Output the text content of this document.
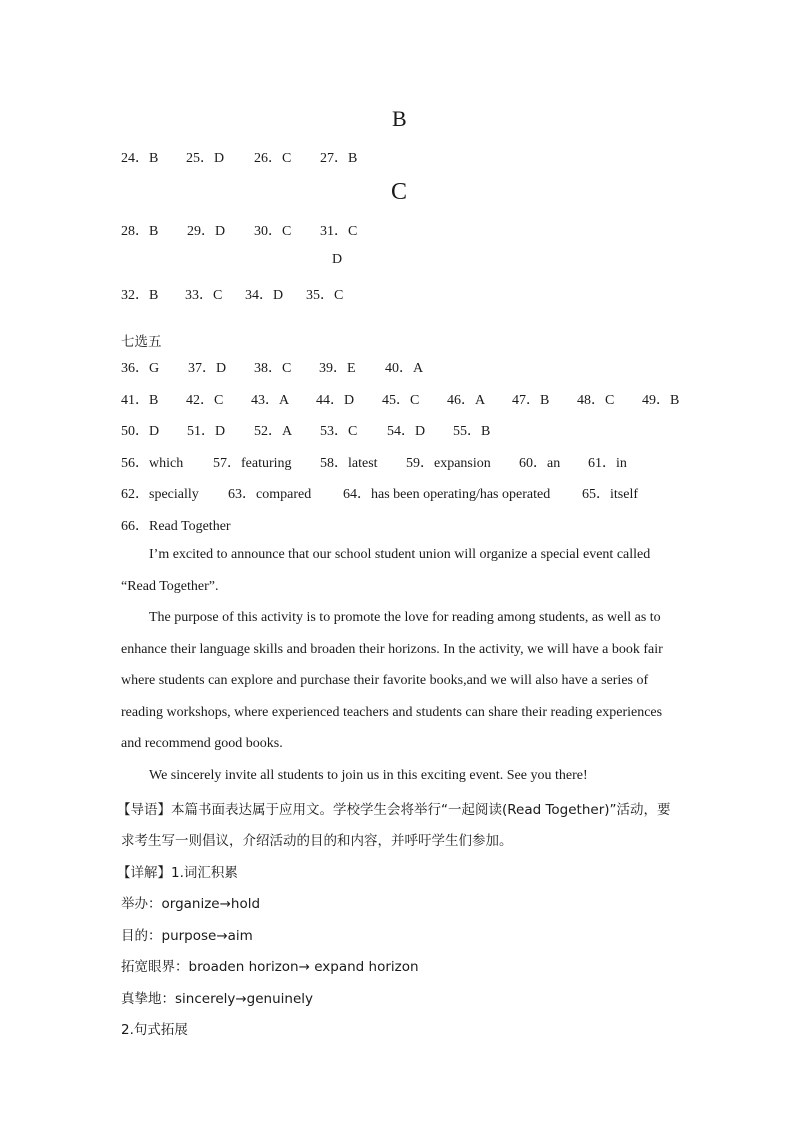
B
24．B 25．D 26．C 27．B
C
28．B 29．D 30．C 31．C
D
32．B 33．C 34．D 35．C
七选五
36．G 37．D 38．C 39．E 40．A
41．B 42．C 43．A 44．D 45．C 46．A 47．B 48．C 49．B
50．D 51．D 52．A 53．C 54．D 55．B
56．which 57．featuring 58．latest 59．expansion 60．an 61．in
62．specially 63．compared 64．has been operating/has operated 65．itself
66．Read Together
I’m excited to announce that our school student union will organize a special event called
“Read Together”.
The purpose of this activity is to promote the love for reading among students, as well as to
enhance their language skills and broaden their horizons. In the activity, we will have a book fair
where students can explore and purchase their favorite books,and we will also have a series of
reading workshops, where experienced teachers and students can share their reading experiences
and recommend good books.
We sincerely invite all students to join us in this exciting event. See you there!
【导语】本篇书面表达属于应用文。学校学生会将举行“一起阅读(Read Together)”活动，要
求考生写一则倡议，介绍活动的目的和内容，并呼吁学生们参加。
【详解】1.词汇积累
举办：organize→hold
目的：purpose→aim
拓宽眼界：broaden horizon→ expand horizon
真挚地：sincerely→genuinely
2.句式拓展
